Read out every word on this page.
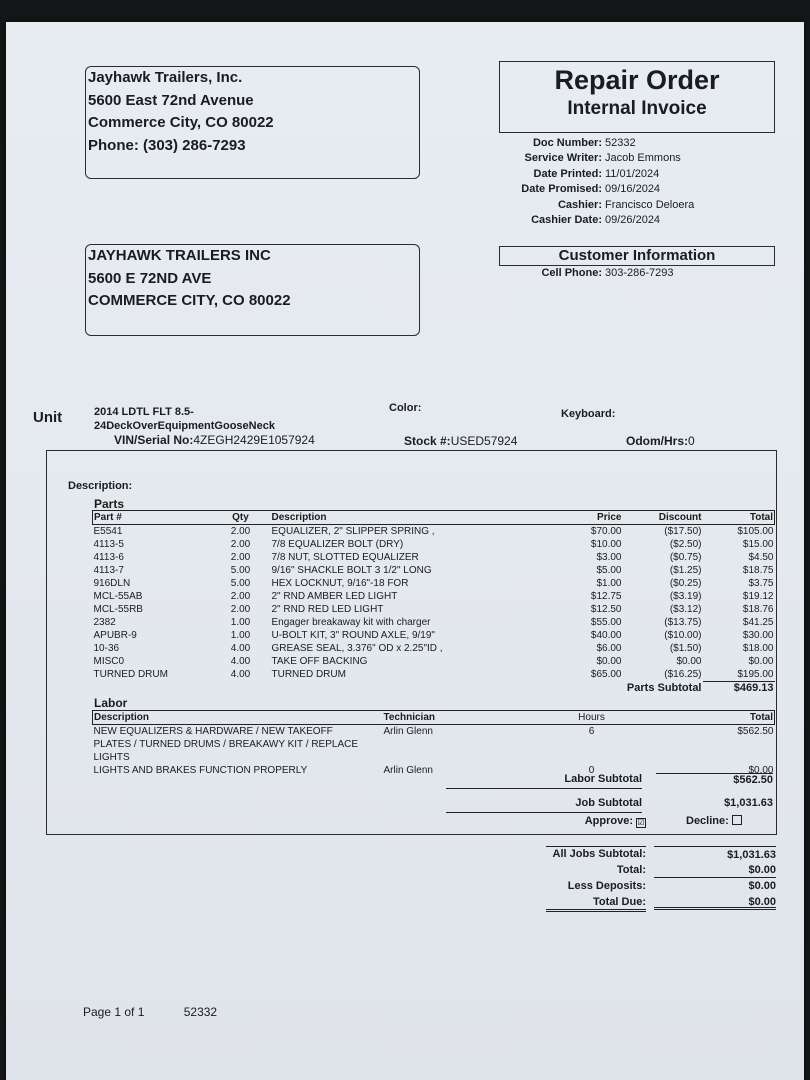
Jayhawk Trailers, Inc.
5600 East 72nd Avenue
Commerce City, CO 80022
Phone: (303) 286-7293
Repair Order
Internal Invoice
Doc Number: 52332
Service Writer: Jacob Emmons
Date Printed: 11/01/2024
Date Promised: 09/16/2024
Cashier: Francisco Deloera
Cashier Date: 09/26/2024
JAYHAWK TRAILERS INC
5600 E 72ND AVE
COMMERCE CITY, CO 80022
Customer Information
Cell Phone: 303-286-7293
Unit	2014 LDTL FLT 8.5-
24DeckOverEquipmentGooseNeck
VIN/Serial No:4ZEGH2429E1057924
Color:	Keyboard:
Stock #:USED57924	Odom/Hrs:0
Description:
Parts
Part #	Qty	Description	Price	Discount	Total
E5541	2.00	EQUALIZER, 2" SLIPPER SPRING ,	$70.00	($17.50)	$105.00
4113-5	2.00	7/8 EQUALIZER BOLT (DRY)	$10.00	($2.50)	$15.00
4113-6	2.00	7/8 NUT, SLOTTED EQUALIZER	$3.00	($0.75)	$4.50
4113-7	5.00	9/16" SHACKLE BOLT 3 1/2" LONG	$5.00	($1.25)	$18.75
916DLN	5.00	HEX LOCKNUT, 9/16"-18 FOR	$1.00	($0.25)	$3.75
MCL-55AB	2.00	2" RND AMBER LED LIGHT	$12.75	($3.19)	$19.12
MCL-55RB	2.00	2" RND RED LED LIGHT	$12.50	($3.12)	$18.76
2382	1.00	Engager breakaway kit with charger	$55.00	($13.75)	$41.25
APUBR-9	1.00	U-BOLT KIT, 3" ROUND AXLE, 9/19"	$40.00	($10.00)	$30.00
10-36	4.00	GREASE SEAL, 3.376" OD x 2.25"ID ,	$6.00	($1.50)	$18.00
MISC0	4.00	TAKE OFF BACKING	$0.00	$0.00	$0.00
TURNED DRUM	4.00	TURNED DRUM	$65.00	($16.25)	$195.00
			Parts Subtotal		$469.13
Labor
Description	Technician	Hours	Total
NEW EQUALIZERS & HARDWARE / NEW TAKEOFF PLATES / TURNED DRUMS / BREAKAWY KIT / REPLACE LIGHTS	Arlin Glenn	6	$562.50
LIGHTS AND BRAKES FUNCTION PROPERLY	Arlin Glenn	0	$0.00
Labor Subtotal	$562.50
Job Subtotal	$1,031.63
Approve: ☑	Decline:
All Jobs Subtotal:	$1,031.63
Total:	$0.00
Less Deposits:	$0.00
Total Due:	$0.00
Page 1 of 1	52332
